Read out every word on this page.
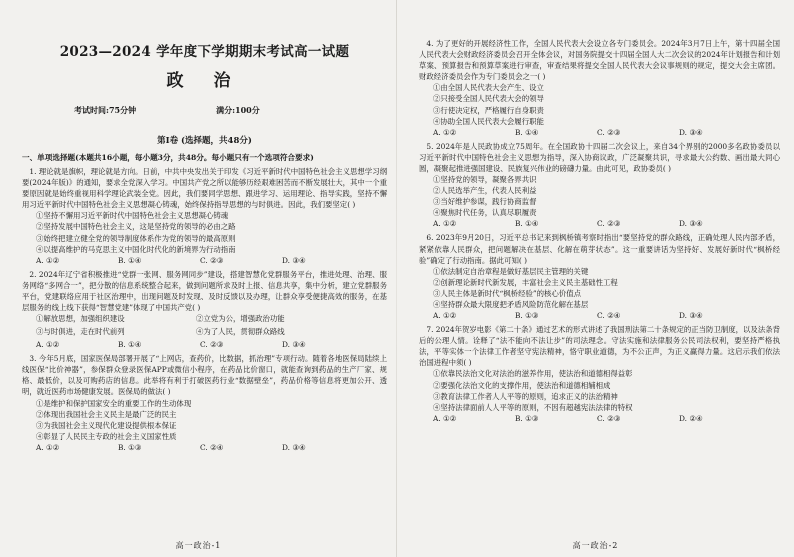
2023—2024 学年度下学期期末考试高一试题
政 治
考试时间:75分钟	满分:100分
第Ⅰ卷 (选择题，共48分)
一、单项选择题(本题共16小题，每小题3分，共48分。每小题只有一个选项符合要求)

1. 理论就是旗帜，理论就是方向。日前，中共中央发出关于印发《习近平新时代中国特色社会主义思想学习纲要(2024年版)》的通知，要求全党深入学习。中国共产党之所以能够历经艰难困苦而不断发展壮大，其中一个重要原因就是始终重视用科学理论武装全党。因此，我们要同学思想、跟进学习、运用理论、指导实践，坚持不懈用习近平新时代中国特色社会主义思想凝心铸魂，始终保持指导思想的与时俱进。因此，我们要坚定( )

①坚持不懈用习近平新时代中国特色社会主义思想凝心铸魂

②坚持发展中国特色社会主义，这是坚持党的领导的必由之路

③始终把建立健全党的领导制度体系作为党的领导的最高原则

④以提高维护的马克思主义中国化时代化的新境界为行动指南

A. ①②	B. ①④	C. ②③	D. ③④

2. 2024年辽宁省积极推进“党群一张网、服务网同步”建设，搭建智慧化党群服务平台，推进处理、治理、服务网络“多网合一”，把分散的信息系统整合起来，做到问题所求及时上报、信息共享，集中分析，建立党群服务平台，党建联络应用于社区治理中，出现问题及时发现、及时反馈以及办理，让群众享受便捷高效的服务，在基层服务的线上线下获得“智慧党建”体现了中国共产党( )

①解放思想，加强组织建设	②立党为公，增强政治功能
③与时俱进，走在时代前列	④为了人民，贯彻群众路线
A. ①②	B. ①④	C. ②③	D. ③④

3. 今年5月底，国家医保局部署开展了“上网店，查药价，比数据，抓治理”专项行动。随着各地医保局陆续上线医保“比价神器”，参保群众登录医保APP或微信小程序，在药品比价窗口，就能查询到药品的生产厂家、规格、最低价，以及可购药店的信息。此举将有利于打破医药行业“数据壁垒”，药品价格等信息将更加公开、透明，就近医药市场健康发展。医保局的做法( )

①是维护和保护国家安全的重要工作的生动体现

②体现出我国社会主义民主是最广泛的民主

③为我国社会主义现代化建设提供根本保证

④彰显了人民民主专政的社会主义国家性质

A. ①②	B. ①③	C. ②④	D. ③④
高一政治-1

4. 为了更好的开展经济性工作，全国人民代表大会设立各专门委员会。2024年3月7日上午，第十四届全国人民代表大会财政经济委员会召开全体会议，对国务院提交十四届全国人大二次会议的2024年计划报告和计划草案、预算报告和预算草案进行审查，审查结果将提交全国人民代表大会议事规则的规定，提交大会主席团。财政经济委员会作为专门委员会之一( )

①由全国人民代表大会产生、设立

②只接受全国人民代表大会的领导

③行使决定权，严格履行自身职责

④协助全国人民代表大会履行职能

A. ①②	B. ①④	C. ②③	D. ③④

5. 2024年是人民政协成立75周年。在全国政协十四届二次会议上，来自34个界别的2000多名政协委员以习近平新时代中国特色社会主义思想为指导，深入协商议政，广泛凝聚共识，寻求最大公约数、画出最大同心圆，凝聚起推进强国建设、民族复兴伟业的磅礴力量。由此可见，政协委员( )

①坚持党的领导，凝聚各界共识

②人民选举产生，代表人民利益

③当好维护参谋，践行协商监督

④聚焦时代任务，认真尽职履责

A. ①②	B. ①④	C. ②③	D. ③④

6. 2023年9月20日，习近平总书记来到枫桥镇考察时指出“要坚持党的群众路线，正确处理人民内部矛盾，紧紧依靠人民群众，把问题解决在基层、化解在萌芽状态”。这一重要讲话为坚持好、发展好新时代“枫桥经验”确定了行动指南。据此可知( )

①依法制定自治章程是做好基层民主管理的关键

②创新理论新时代新发展，丰富社会主义民主基础性工程

③人民主体是新时代“枫桥经验”的核心价值点

④坚持群众最大限度把矛盾风险防范化解在基层

A. ①②	B. ①③	C. ②④	D. ③④

7. 2024年贺岁电影《第二十条》通过艺术的形式讲述了我国刑法第二十条规定的正当防卫制度，以及法条背后的公理人情。诠释了“法不能向不法让步”的司法理念。守法实施和法律服务公民司法权利，要坚持严格执法，平等实体一个法律工作者坚守宪法精神，恪守职业道德，为不公正声，为正义赢得力量。这启示我们依法治国进程中须( )

①依靠民法治文化对法治的滋养作用，使法治和道德相得益彰

②要强化法治文化的支撑作用，使法治和道德相辅相成

③教育法律工作者人人平等的原则，追求正义的法治精神

④坚持法律面前人人平等的原则，不因有超越宪法法律的特权

A. ①②	B. ①③	C. ②③	D. ②④
高一政治-2
